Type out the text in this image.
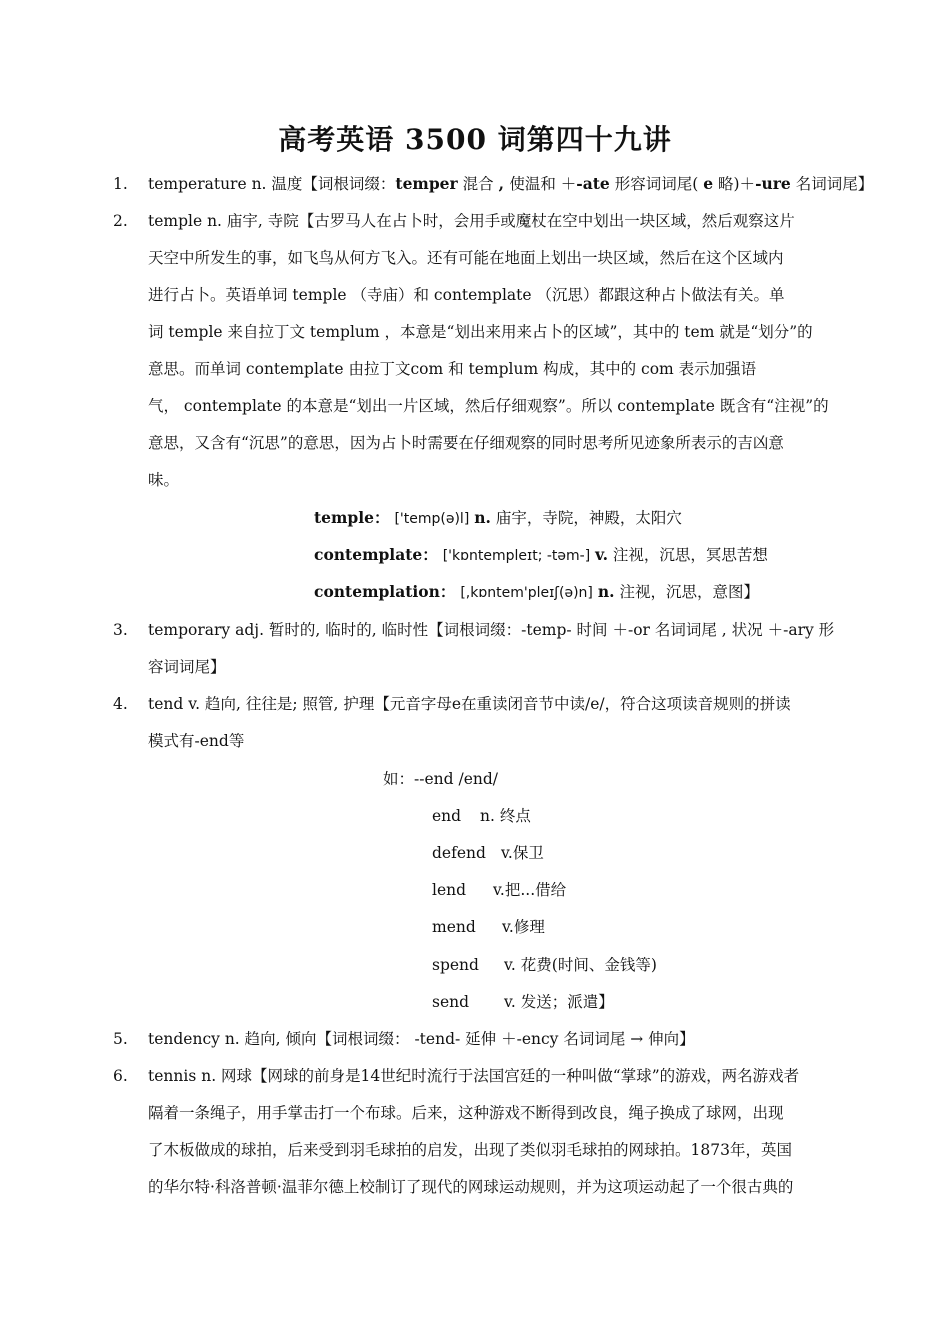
高考英语 3500 词第四十九讲
1. temperature n. 温度【词根词缀：temper 混合 , 使温和 ＋-ate 形容词词尾( e 略)＋-ure 名词词尾】
2. temple n. 庙宇, 寺院【古罗马人在占卜时，会用手或魔杖在空中划出一块区域，然后观察这片
天空中所发生的事，如飞鸟从何方飞入。还有可能在地面上划出一块区域，然后在这个区域内
进行占卜。英语单词 temple （寺庙）和 contemplate （沉思）都跟这种占卜做法有关。单
词 temple 来自拉丁文 templum ，本意是“划出来用来占卜的区域”，其中的 tem 就是“划分”的
意思。而单词 contemplate 由拉丁文com 和 templum 构成，其中的 com 表示加强语
气， contemplate 的本意是“划出一片区域，然后仔细观察”。所以 contemplate 既含有“注视”的
意思，又含有“沉思”的意思，因为占卜时需要在仔细观察的同时思考所见迹象所表示的吉凶意
味。
temple： ['temp(ə)l] n. 庙宇，寺院，神殿，太阳穴
contemplate： ['kɒntempleɪt; -təm-] v. 注视，沉思，冥思苦想
contemplation： [,kɒntem'pleɪʃ(ə)n] n. 注视，沉思，意图】
3. temporary adj. 暂时的, 临时的, 临时性【词根词缀：-temp- 时间 ＋-or 名词词尾 , 状况 ＋-ary 形
容词词尾】
4. tend v. 趋向, 往往是; 照管, 护理【元音字母e在重读闭音节中读/e/，符合这项读音规则的拼读
模式有-end等
如：--end /end/
end n. 终点
defend v.保卫
lend v.把...借给
mend v.修理
spend v. 花费(时间、金钱等)
send v. 发送；派遣】
5. tendency n. 趋向, 倾向【词根词缀： -tend- 延伸 ＋-ency 名词词尾 → 伸向】
6. tennis n. 网球【网球的前身是14世纪时流行于法国宫廷的一种叫做“掌球”的游戏，两名游戏者
隔着一条绳子，用手掌击打一个布球。后来，这种游戏不断得到改良，绳子换成了球网，出现
了木板做成的球拍，后来受到羽毛球拍的启发，出现了类似羽毛球拍的网球拍。1873年，英国
的华尔特·科洛普顿·温菲尔德上校制订了现代的网球运动规则，并为这项运动起了一个很古典的
